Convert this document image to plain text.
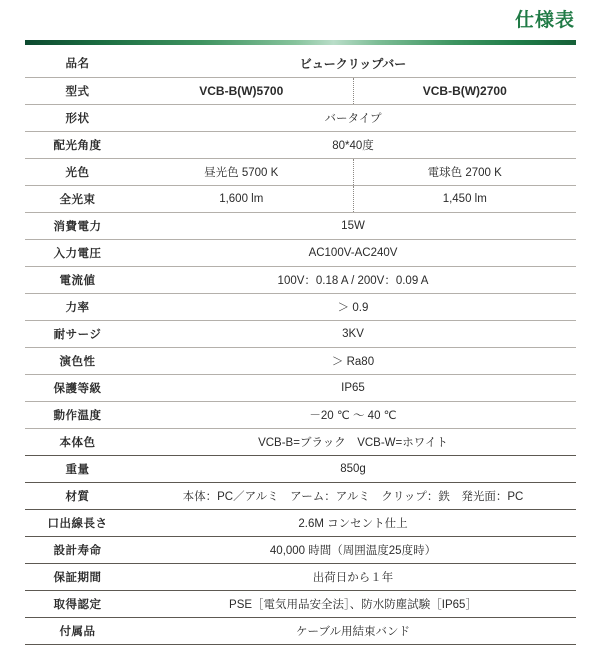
仕様表
品名	ビュークリップバー	
型式	VCB-B(W)5700	VCB-B(W)2700
形状	バータイプ	
配光角度	80*40度	
光色	昼光色 5700 K	電球色 2700 K
全光束	1,600 lm	1,450 lm
消費電力	15W	
入力電圧	AC100V-AC240V	
電流値	100V：0.18 A / 200V：0.09 A	
力率	＞ 0.9	
耐サージ	3KV	
演色性	＞ Ra80	
保護等級	IP65	
動作温度	－20 ℃ ～ 40 ℃	
本体色	VCB-B=ブラック　VCB-W=ホワイト	
重量	850g	
材質	本体：PC／アルミ　アーム：アルミ　クリップ：鉄　発光面：PC	
口出線長さ	2.6M コンセント仕上	
設計寿命	40,000 時間（周囲温度25度時）	
保証期間	出荷日から１年	
取得認定	PSE［電気用品安全法］、防水防塵試験［IP65］	
付属品	ケーブル用結束バンド	
